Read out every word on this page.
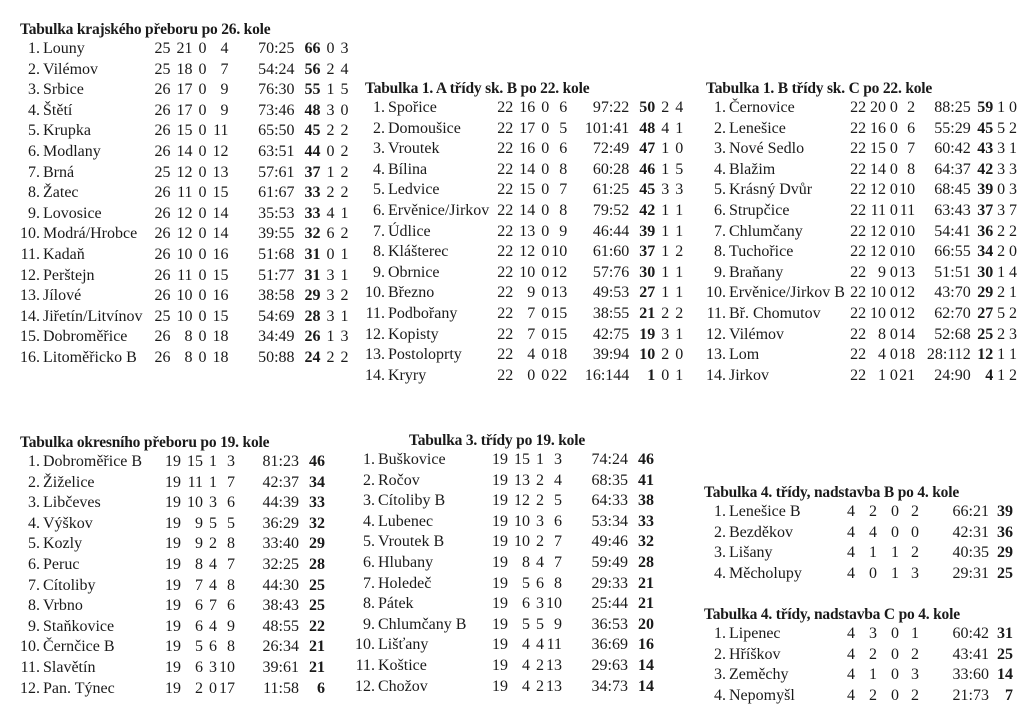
Tabulka krajského přeboru po 26. kole
1.	Louny	25	21	0	4	70:25	66	0	3
2.	Vilémov	25	18	0	7	54:24	56	2	4
3.	Srbice	26	17	0	9	76:30	55	1	5
4.	Štětí	26	17	0	9	73:46	48	3	0
5.	Krupka	26	15	0	11	65:50	45	2	2
6.	Modlany	26	14	0	12	63:51	44	0	2
7.	Brná	25	12	0	13	57:61	37	1	2
8.	Žatec	26	11	0	15	61:67	33	2	2
9.	Lovosice	26	12	0	14	35:53	33	4	1
10.	Modrá/Hrobce	26	12	0	14	39:55	32	6	2
11.	Kadaň	26	10	0	16	51:68	31	0	1
12.	Perštejn	26	11	0	15	51:77	31	3	1
13.	Jílové	26	10	0	16	38:58	29	3	2
14.	Jiřetín/Litvínov	25	10	0	15	54:69	28	3	1
15.	Dobroměřice	26	8	0	18	34:49	26	1	3
16.	Litoměřicko B	26	8	0	18	50:88	24	2	2
Tabulka 1. A třídy sk. B po 22. kole
1.	Spořice	22	16	0	6	97:22	50	2	4
2.	Domoušice	22	17	0	5	101:41	48	4	1
3.	Vroutek	22	16	0	6	72:49	47	1	0
4.	Bílina	22	14	0	8	60:28	46	1	5
5.	Ledvice	22	15	0	7	61:25	45	3	3
6.	Ervěnice/Jirkov	22	14	0	8	79:52	42	1	1
7.	Údlice	22	13	0	9	46:44	39	1	1
8.	Klášterec	22	12	0	10	61:60	37	1	2
9.	Obrnice	22	10	0	12	57:76	30	1	1
10.	Březno	22	9	0	13	49:53	27	1	1
11.	Podbořany	22	7	0	15	38:55	21	2	2
12.	Kopisty	22	7	0	15	42:75	19	3	1
13.	Postoloprty	22	4	0	18	39:94	10	2	0
14.	Kryry	22	0	0	22	16:144	1	0	1
Tabulka 1. B třídy sk. C po 22. kole
1.	Černovice	22	20	0	2	88:25	59	1	0
2.	Lenešice	22	16	0	6	55:29	45	5	2
3.	Nové Sedlo	22	15	0	7	60:42	43	3	1
4.	Blažim	22	14	0	8	64:37	42	3	3
5.	Krásný Dvůr	22	12	0	10	68:45	39	0	3
6.	Strupčice	22	11	0	11	63:43	37	3	7
7.	Chlumčany	22	12	0	10	54:41	36	2	2
8.	Tuchořice	22	12	0	10	66:55	34	2	0
9.	Braňany	22	9	0	13	51:51	30	1	4
10.	Ervěnice/Jirkov B	22	10	0	12	43:70	29	2	1
11.	Bř. Chomutov	22	10	0	12	62:70	27	5	2
12.	Vilémov	22	8	0	14	52:68	25	2	3
13.	Lom	22	4	0	18	28:112	12	1	1
14.	Jirkov	22	1	0	21	24:90	4	1	2
Tabulka okresního přeboru po 19. kole
1.	Dobroměřice B	19	15	1	3	81:23	46
2.	Žiželice	19	11	1	7	42:37	34
3.	Libčeves	19	10	3	6	44:39	33
4.	Výškov	19	9	5	5	36:29	32
5.	Kozly	19	9	2	8	33:40	29
6.	Peruc	19	8	4	7	32:25	28
7.	Cítoliby	19	7	4	8	44:30	25
8.	Vrbno	19	6	7	6	38:43	25
9.	Staňkovice	19	6	4	9	48:55	22
10.	Černčice B	19	5	6	8	26:34	21
11.	Slavětín	19	6	3	10	39:61	21
12.	Pan. Týnec	19	2	0	17	11:58	6
Tabulka 3. třídy po 19. kole
1.	Buškovice	19	15	1	3	74:24	46
2.	Ročov	19	13	2	4	68:35	41
3.	Cítoliby B	19	12	2	5	64:33	38
4.	Lubenec	19	10	3	6	53:34	33
5.	Vroutek B	19	10	2	7	49:46	32
6.	Hlubany	19	8	4	7	59:49	28
7.	Holedeč	19	5	6	8	29:33	21
8.	Pátek	19	6	3	10	25:44	21
9.	Chlumčany B	19	5	5	9	36:53	20
10.	Lišťany	19	4	4	11	36:69	16
11.	Koštice	19	4	2	13	29:63	14
12.	Chožov	19	4	2	13	34:73	14
Tabulka 4. třídy, nadstavba B po 4. kole
1.	Lenešice B	4	2	0	2	66:21	39
2.	Bezděkov	4	4	0	0	42:31	36
3.	Lišany	4	1	1	2	40:35	29
4.	Měcholupy	4	0	1	3	29:31	25
Tabulka 4. třídy, nadstavba C po 4. kole
1.	Lipenec	4	3	0	1	60:42	31
2.	Hříškov	4	2	0	2	43:41	25
3.	Zeměchy	4	1	0	3	33:60	14
4.	Nepomyšl	4	2	0	2	21:73	7
